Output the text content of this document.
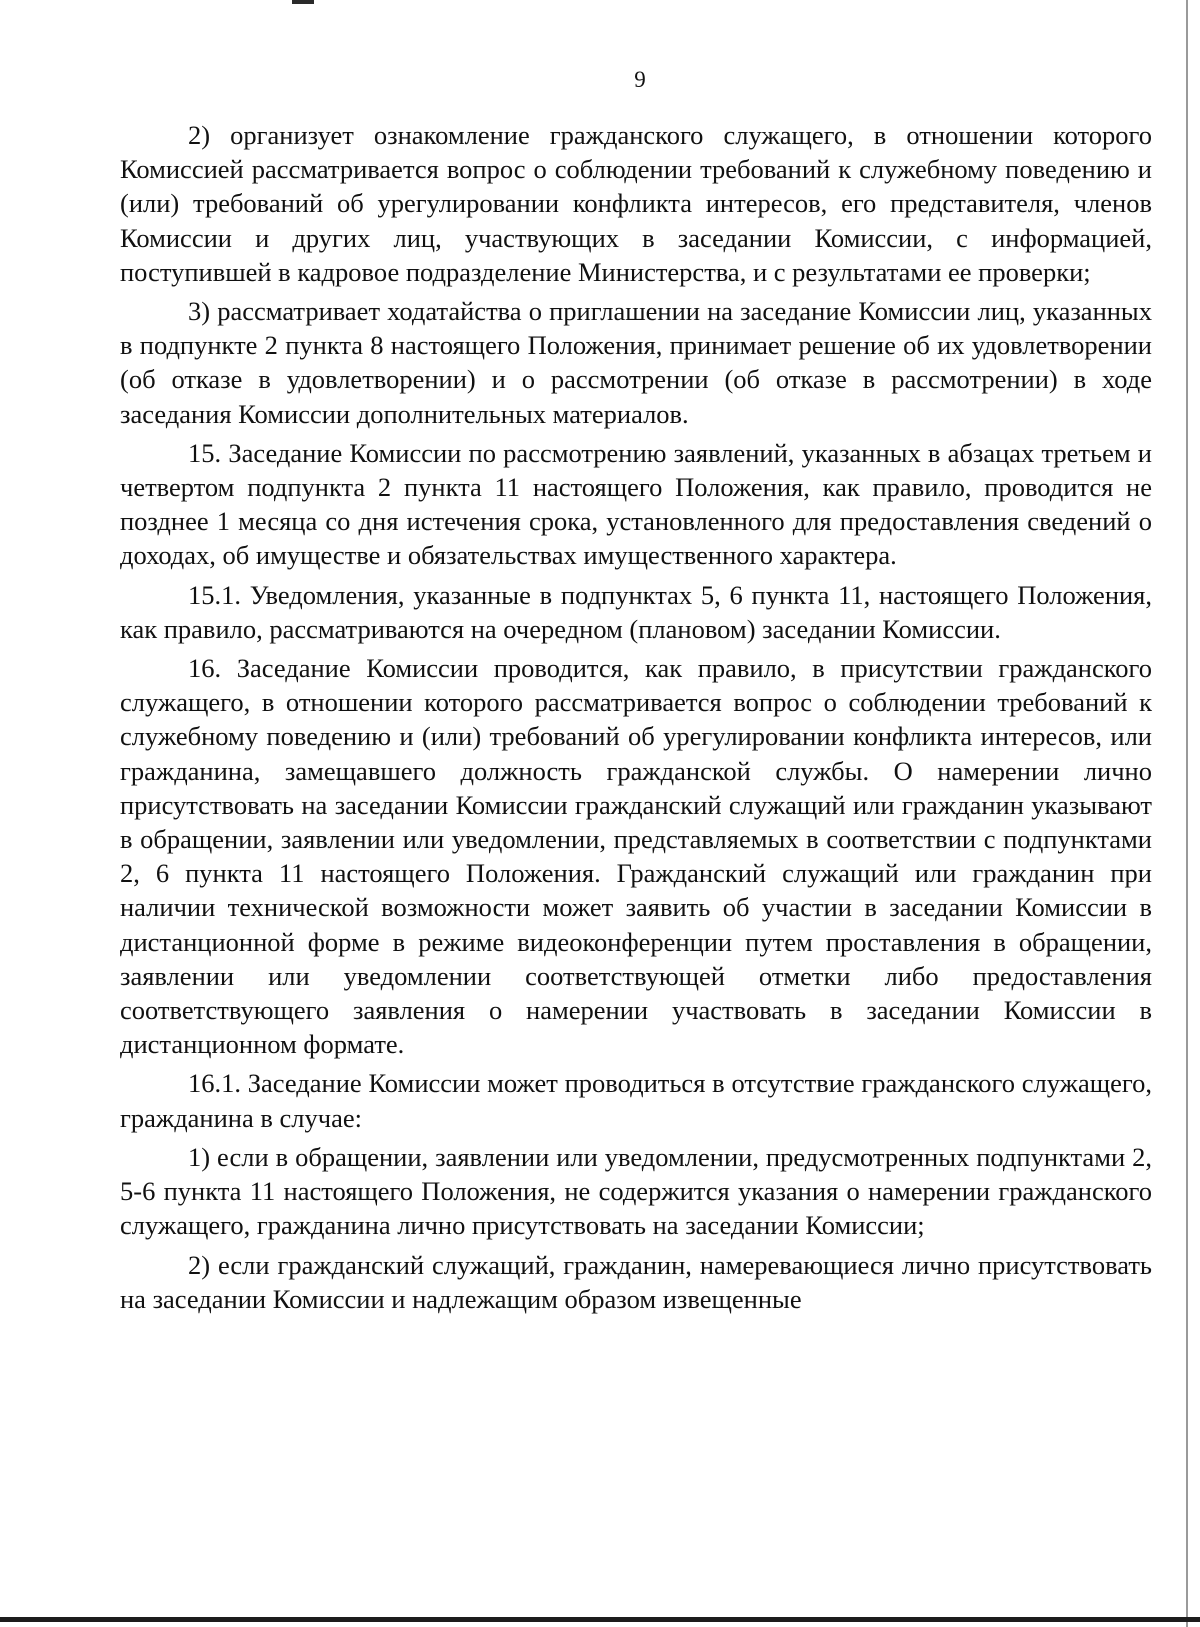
9

2) организует ознакомление гражданского служащего, в отношении которого Комиссией рассматривается вопрос о соблюдении требований к служебному поведению и (или) требований об урегулировании конфликта интересов, его представителя, членов Комиссии и других лиц, участвующих в заседании Комиссии, с информацией, поступившей в кадровое подразделение Министерства, и с результатами ее проверки;

3) рассматривает ходатайства о приглашении на заседание Комиссии лиц, указанных в подпункте 2 пункта 8 настоящего Положения, принимает решение об их удовлетворении (об отказе в удовлетворении) и о рассмотрении (об отказе в рассмотрении) в ходе заседания Комиссии дополнительных материалов.

15. Заседание Комиссии по рассмотрению заявлений, указанных в абзацах третьем и четвертом подпункта 2 пункта 11 настоящего Положения, как правило, проводится не позднее 1 месяца со дня истечения срока, установленного для предоставления сведений о доходах, об имуществе и обязательствах имущественного характера.

15.1. Уведомления, указанные в подпунктах 5, 6 пункта 11, настоящего Положения, как правило, рассматриваются на очередном (плановом) заседании Комиссии.

16. Заседание Комиссии проводится, как правило, в присутствии гражданского служащего, в отношении которого рассматривается вопрос о соблюдении требований к служебному поведению и (или) требований об урегулировании конфликта интересов, или гражданина, замещавшего должность гражданской службы. О намерении лично присутствовать на заседании Комиссии гражданский служащий или гражданин указывают в обращении, заявлении или уведомлении, представляемых в соответствии с подпунктами 2, 6 пункта 11 настоящего Положения. Гражданский служащий или гражданин при наличии технической возможности может заявить об участии в заседании Комиссии в дистанционной форме в режиме видеоконференции путем проставления в обращении, заявлении или уведомлении соответствующей отметки либо предоставления соответствующего заявления о намерении участвовать в заседании Комиссии в дистанционном формате.

16.1. Заседание Комиссии может проводиться в отсутствие гражданского служащего, гражданина в случае:

1) если в обращении, заявлении или уведомлении, предусмотренных подпунктами 2, 5-6 пункта 11 настоящего Положения, не содержится указания о намерении гражданского служащего, гражданина лично присутствовать на заседании Комиссии;

2) если гражданский служащий, гражданин, намеревающиеся лично присутствовать на заседании Комиссии и надлежащим образом извещенные
